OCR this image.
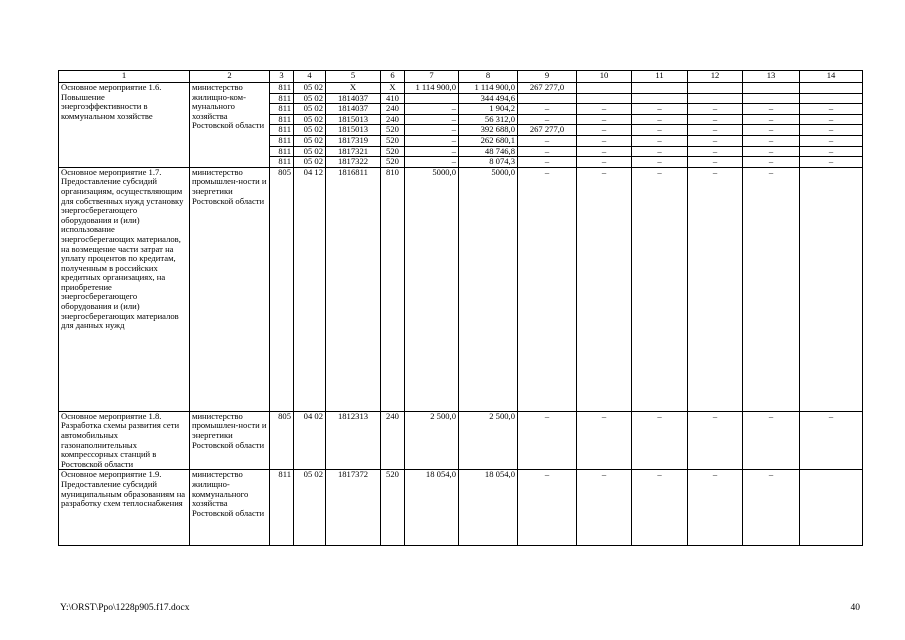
1	2	3	4	5	6	7	8	9	10	11	12	13	14
Основное мероприятие 1.6. Повышение энергоэффективности в коммунальном хозяйстве	министерство жилищно-ком-мунального хозяйства Ростовской области	811	05 02	Х	Х	1 114 900,0	1 114 900,0	267 277,0					
		811	05 02	1814037	410		344 494,6						
		811	05 02	1814037	240	–	1 904,2	–	–	–	–	–	–
		811	05 02	1815013	240	–	56 312,0	–	–	–	–	–	–
		811	05 02	1815013	520	–	392 688,0	267 277,0	–	–	–	–	–
		811	05 02	1817319	520	–	262 680,1	–	–	–	–	–	–
		811	05 02	1817321	520	–	48 746,8	–	–	–	–	–	–
		811	05 02	1817322	520	–	8 074,3	–	–	–	–	–	–
Основное мероприятие 1.7. Предоставление субсидий организациям, осуществляющим для собственных нужд установку энергосберегающего оборудования и (или) использование энергосберегающих материалов, на возмещение части затрат на уплату процентов по кредитам, полученным в российских кредитных организациях, на приобретение энергосберегающего оборудования и (или) энергосберегающих материалов для данных нужд	министерство промышлен-ности и энергетики Ростовской области	805	04 12	1816811	810	5000,0	5000,0	–	–	–	–	–	
Основное мероприятие 1.8. Разработка схемы развития сети автомобильных газонаполнительных компрессорных станций в Ростовской области	министерство промышлен-ности и энергетики Ростовской области	805	04 02	1812313	240	2 500,0	2 500,0	–	–	–	–	–	–
Основное мероприятие 1.9. Предоставление субсидий муниципальным образованиям на разработку схем теплоснабжения	министерство жилищно-коммунального хозяйства Ростовской области	811	05 02	1817372	520	18 054,0	18 054,0	–	–	–	–	–	
Y:\ORST\Ppo\1228p905.f17.docx	40
